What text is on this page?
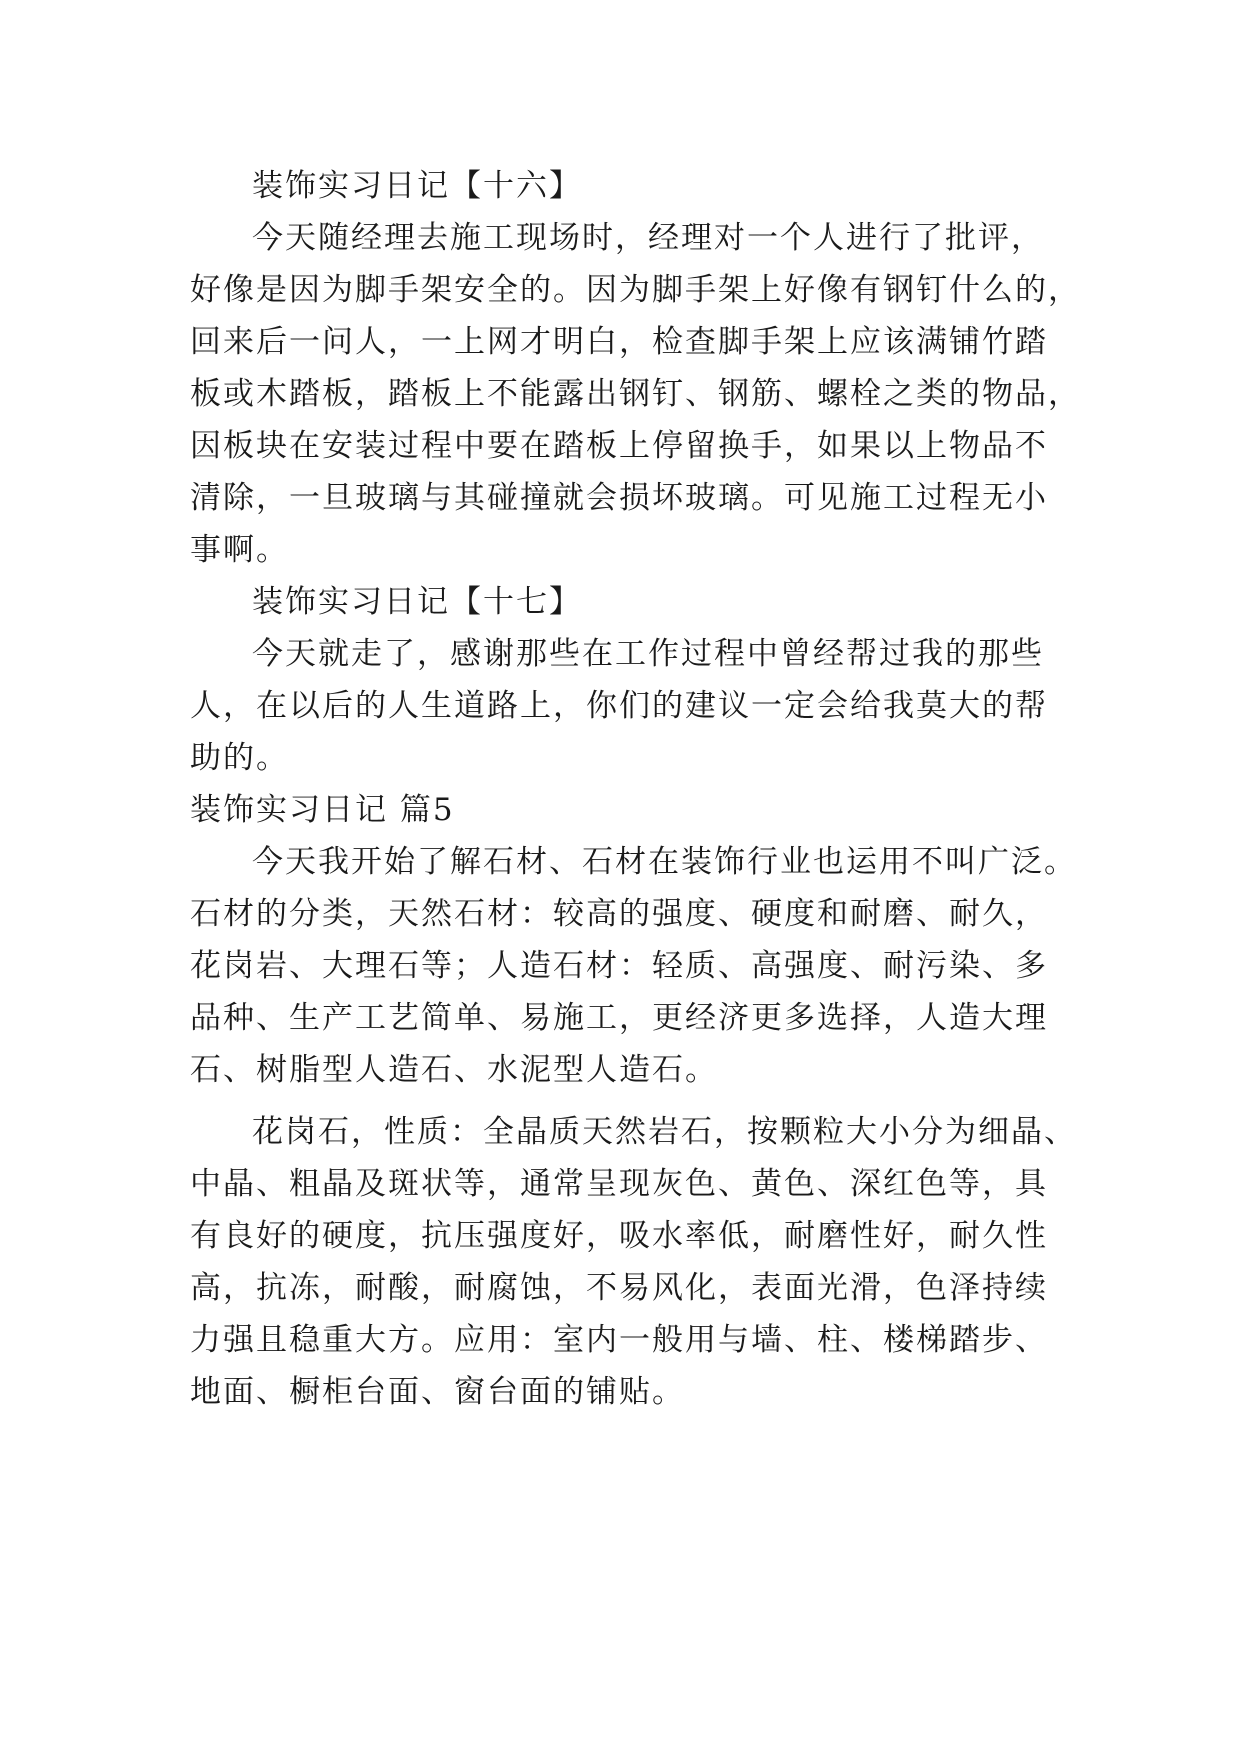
装饰实习日记【十六】
今天随经理去施工现场时，经理对一个人进行了批评，
好像是因为脚手架安全的。因为脚手架上好像有钢钉什么的，
回来后一问人，一上网才明白，检查脚手架上应该满铺竹踏
板或木踏板，踏板上不能露出钢钉、钢筋、螺栓之类的物品，
因板块在安装过程中要在踏板上停留换手，如果以上物品不
清除，一旦玻璃与其碰撞就会损坏玻璃。可见施工过程无小
事啊。
装饰实习日记【十七】
今天就走了，感谢那些在工作过程中曾经帮过我的那些
人，在以后的人生道路上，你们的建议一定会给我莫大的帮
助的。
装饰实习日记 篇5
今天我开始了解石材、石材在装饰行业也运用不叫广泛。
石材的分类，天然石材：较高的强度、硬度和耐磨、耐久，
花岗岩、大理石等；人造石材：轻质、高强度、耐污染、多
品种、生产工艺简单、易施工，更经济更多选择，人造大理
石、树脂型人造石、水泥型人造石。
花岗石，性质：全晶质天然岩石，按颗粒大小分为细晶、
中晶、粗晶及斑状等，通常呈现灰色、黄色、深红色等，具
有良好的硬度，抗压强度好，吸水率低，耐磨性好，耐久性
高，抗冻，耐酸，耐腐蚀，不易风化，表面光滑，色泽持续
力强且稳重大方。应用：室内一般用与墙、柱、楼梯踏步、
地面、橱柜台面、窗台面的铺贴。
